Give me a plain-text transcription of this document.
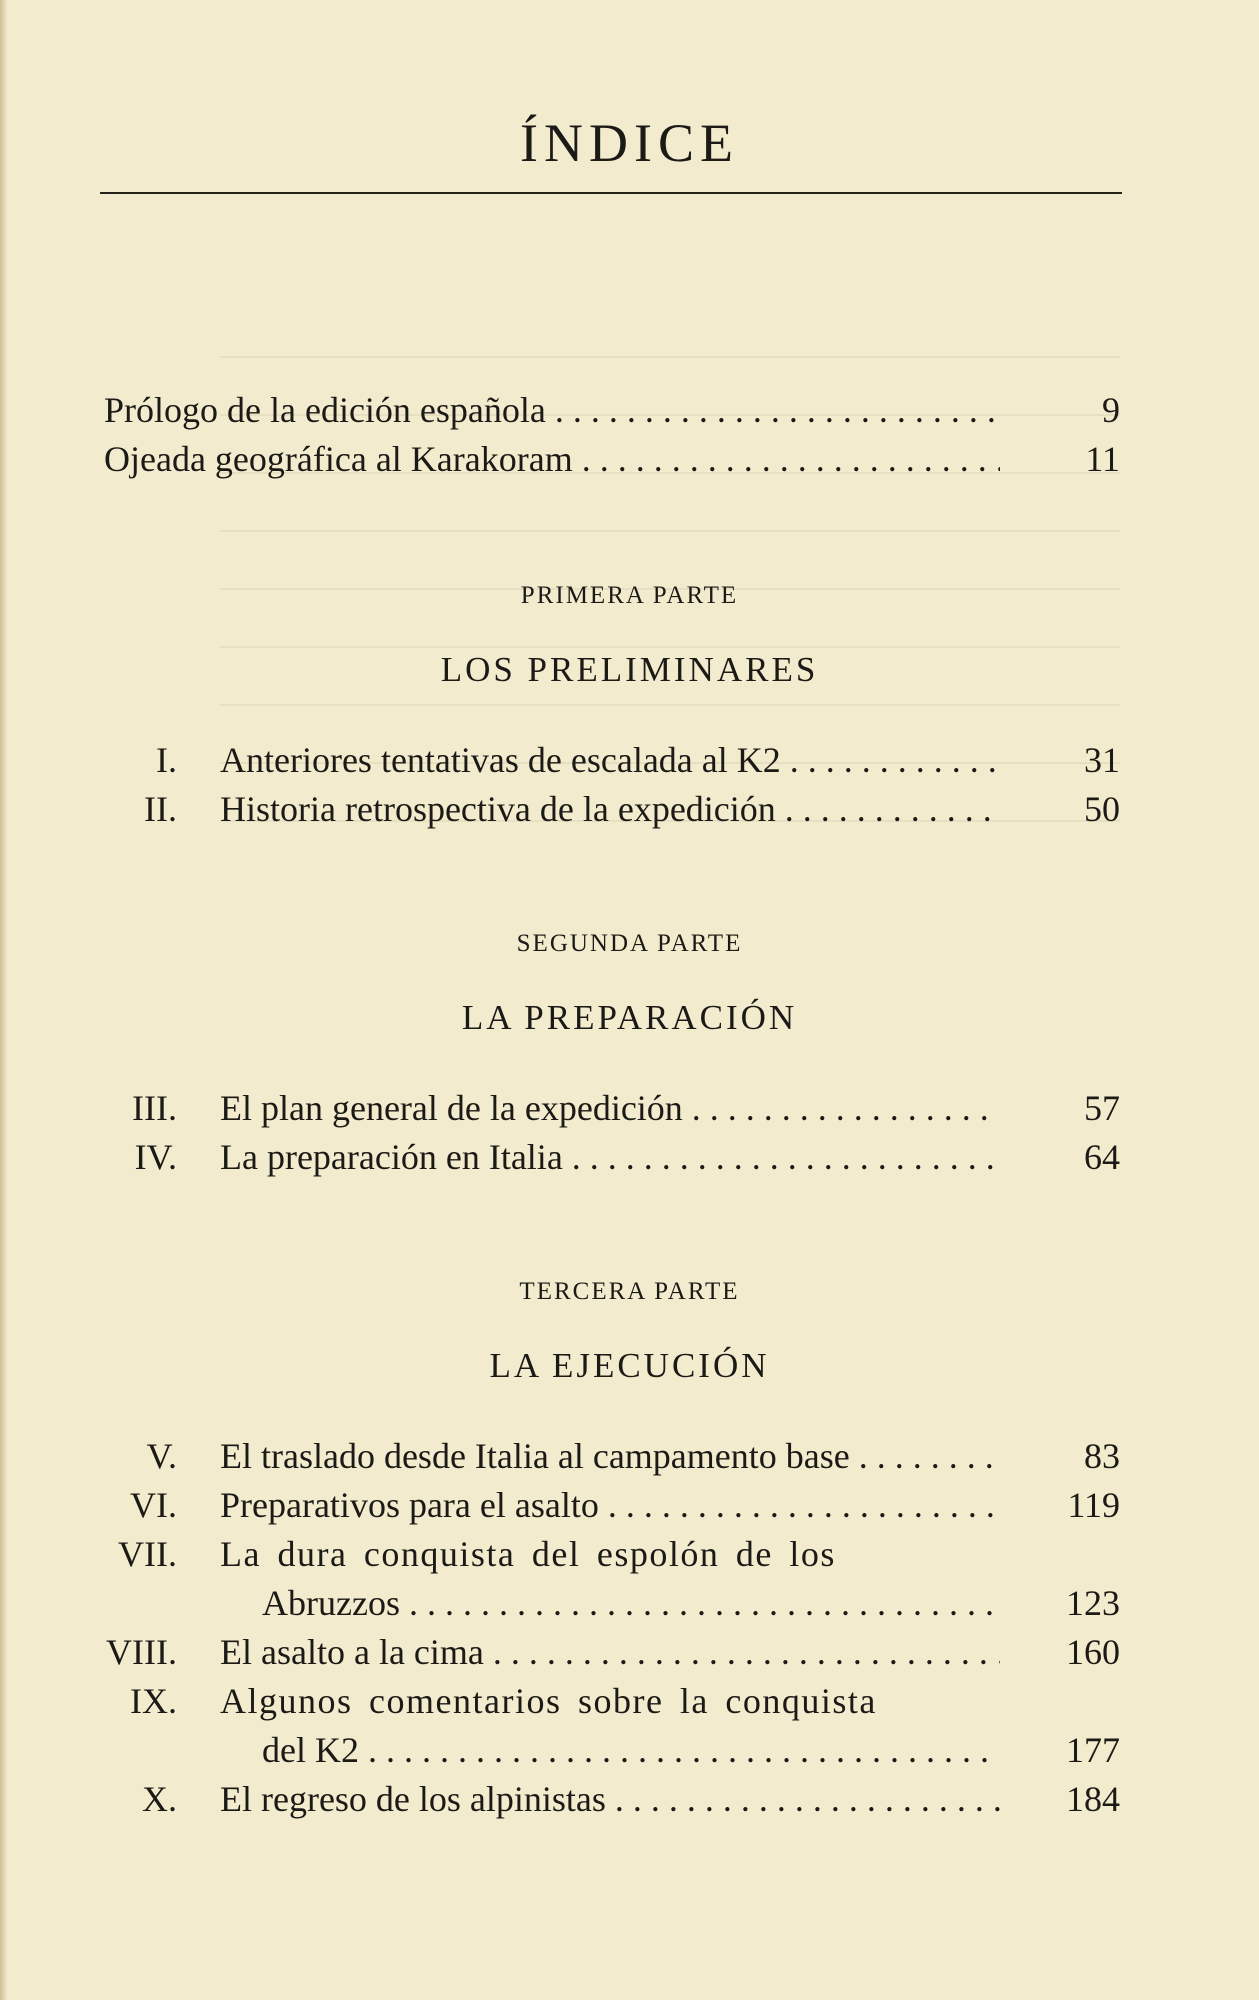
ÍNDICE
Prólogo de la edición española . . .	9
Ojeada geográfica al Karakoram . . .	11
PRIMERA PARTE
LOS PRELIMINARES
I. Anteriores tentativas de escalada al K2 . . .	31
II. Historia retrospectiva de la expedición . . .	50
SEGUNDA PARTE
LA PREPARACIÓN
III. El plan general de la expedición . . .	57
IV. La preparación en Italia . . .	64
TERCERA PARTE
LA EJECUCIÓN
V. El traslado desde Italia al campamento base . . .	83
VI. Preparativos para el asalto . . .	119
VII. La dura conquista del espolón de los
Abruzzos . . .	123
VIII. El asalto a la cima . . .	160
IX. Algunos comentarios sobre la conquista
del K2 . . .	177
X. El regreso de los alpinistas . . .	184
